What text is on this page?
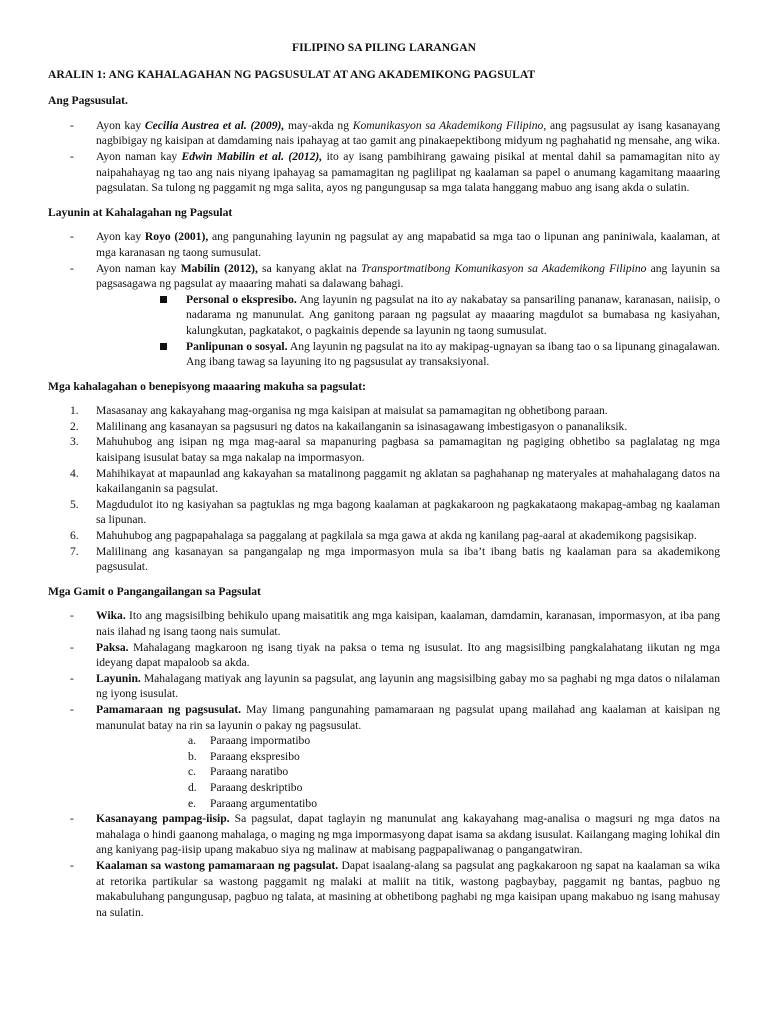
FILIPINO SA PILING LARANGAN
ARALIN 1: ANG KAHALAGAHAN NG PAGSUSULAT AT ANG AKADEMIKONG PAGSULAT
Ang Pagsusulat.
- Ayon kay Cecilia Austrea et al. (2009), may-akda ng Komunikasyon sa Akademikong Filipino, ang pagsusulat ay isang kasanayang nagbibigay ng kaisipan at damdaming nais ipahayag at tao gamit ang pinakaepektibong midyum ng paghahatid ng mensahe, ang wika.
- Ayon naman kay Edwin Mabilin et al. (2012), ito ay isang pambihirang gawaing pisikal at mental dahil sa pamamagitan nito ay naipahahayag ng tao ang nais niyang ipahayag sa pamamagitan ng paglilipat ng kaalaman sa papel o anumang kagamitang maaaring pagsulatan. Sa tulong ng paggamit ng mga salita, ayos ng pangungusap sa mga talata hanggang mabuo ang isang akda o sulatin.
Layunin at Kahalagahan ng Pagsulat
- Ayon kay Royo (2001), ang pangunahing layunin ng pagsulat ay ang mapabatid sa mga tao o lipunan ang paniniwala, kaalaman, at mga karanasan ng taong sumusulat.
- Ayon naman kay Mabilin (2012), sa kanyang aklat na Transportmatibong Komunikasyon sa Akademikong Filipino ang layunin sa pagsasagawa ng pagsulat ay maaaring mahati sa dalawang bahagi.
Personal o ekspresibo. Ang layunin ng pagsulat na ito ay nakabatay sa pansariling pananaw, karanasan, naiisip, o nadarama ng manunulat. Ang ganitong paraan ng pagsulat ay maaaring magdulot sa bumabasa ng kasiyahan, kalungkutan, pagkatakot, o pagkainis depende sa layunin ng taong sumusulat.
Panlipunan o sosyal. Ang layunin ng pagsulat na ito ay makipag-ugnayan sa ibang tao o sa lipunang ginagalawan. Ang ibang tawag sa layuning ito ng pagsusulat ay transaksiyonal.
Mga kahalagahan o benepisyong maaaring makuha sa pagsulat:
1. Masasanay ang kakayahang mag-organisa ng mga kaisipan at maisulat sa pamamagitan ng obhetibong paraan.
2. Malilinang ang kasanayan sa pagsusuri ng datos na kakailanganin sa isinasagawang imbestigasyon o pananaliksik.
3. Mahuhubog ang isipan ng mga mag-aaral sa mapanuring pagbasa sa pamamagitan ng pagiging obhetibo sa paglalatag ng mga kaisipang isusulat batay sa mga nakalap na impormasyon.
4. Mahihikayat at mapaunlad ang kakayahan sa matalinong paggamit ng aklatan sa paghahanap ng materyales at mahahalagang datos na kakailanganin sa pagsulat.
5. Magdudulot ito ng kasiyahan sa pagtuklas ng mga bagong kaalaman at pagkakaroon ng pagkakataong makapag-ambag ng kaalaman sa lipunan.
6. Mahuhubog ang pagpapahalaga sa paggalang at pagkilala sa mga gawa at akda ng kanilang pag-aaral at akademikong pagsisikap.
7. Malilinang ang kasanayan sa pangangalap ng mga impormasyon mula sa iba’t ibang batis ng kaalaman para sa akademikong pagsusulat.
Mga Gamit o Pangangailangan sa Pagsulat
- Wika. Ito ang magsisilbing behikulo upang maisatitik ang mga kaisipan, kaalaman, damdamin, karanasan, impormasyon, at iba pang nais ilahad ng isang taong nais sumulat.
- Paksa. Mahalagang magkaroon ng isang tiyak na paksa o tema ng isusulat. Ito ang magsisilbing pangkalahatang iikutan ng mga ideyang dapat mapaloob sa akda.
- Layunin. Mahalagang matiyak ang layunin sa pagsulat, ang layunin ang magsisilbing gabay mo sa paghabi ng mga datos o nilalaman ng iyong isusulat.
- Pamamaraan ng pagsusulat. May limang pangunahing pamamaraan ng pagsulat upang mailahad ang kaalaman at kaisipan ng manunulat batay na rin sa layunin o pakay ng pagsusulat.
a. Paraang impormatibo
b. Paraang ekspresibo
c. Paraang naratibo
d. Paraang deskriptibo
e. Paraang argumentatibo
- Kasanayang pampag-iisip. Sa pagsulat, dapat taglayin ng manunulat ang kakayahang mag-analisa o magsuri ng mga datos na mahalaga o hindi gaanong mahalaga, o maging ng mga impormasyong dapat isama sa akdang isusulat. Kailangang maging lohikal din ang kaniyang pag-iisip upang makabuo siya ng malinaw at mabisang pagpapaliwanag o pangangatwiran.
- Kaalaman sa wastong pamamaraan ng pagsulat. Dapat isaalang-alang sa pagsulat ang pagkakaroon ng sapat na kaalaman sa wika at retorika partikular sa wastong paggamit ng malaki at maliit na titik, wastong pagbaybay, paggamit ng bantas, pagbuo ng makabuluhang pangungusap, pagbuo ng talata, at masining at obhetibong paghabi ng mga kaisipan upang makabuo ng isang mahusay na sulatin.
